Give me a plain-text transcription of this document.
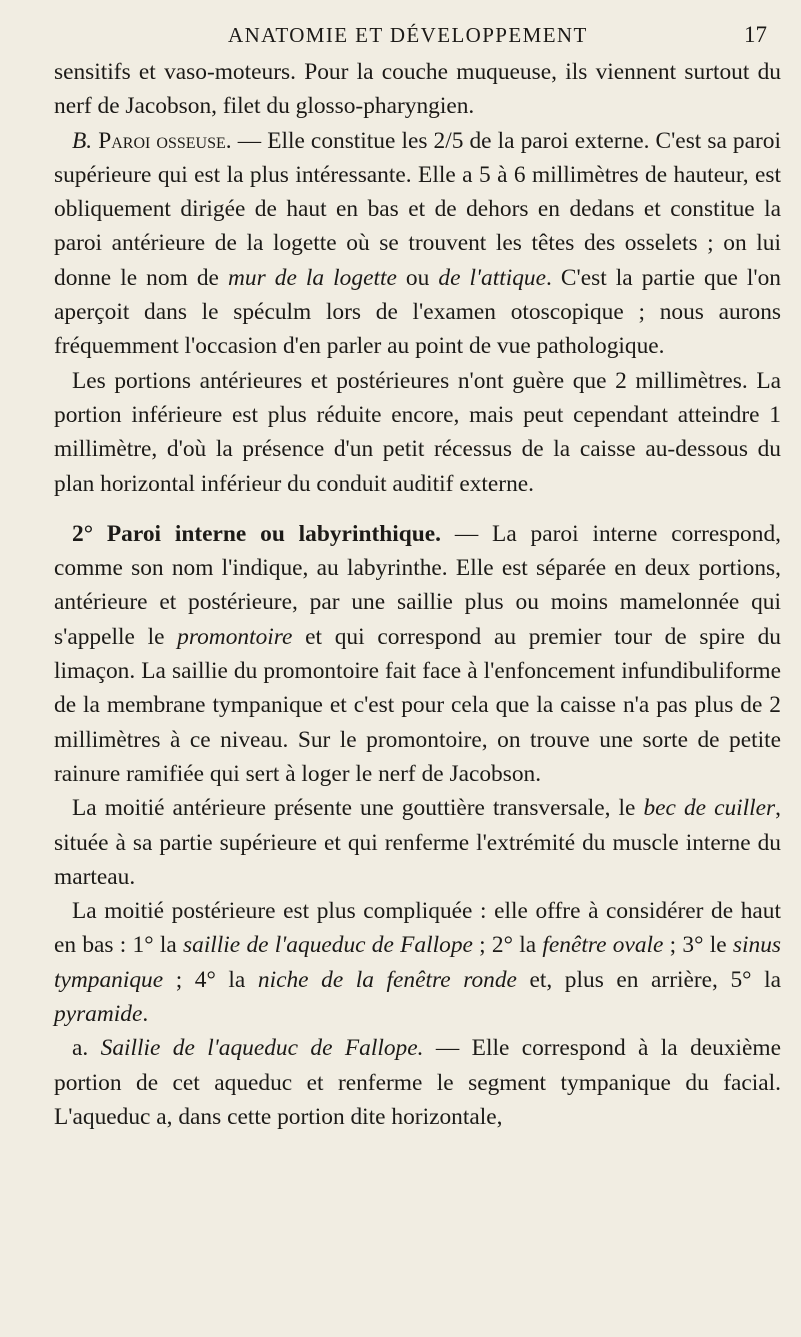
ANATOMIE ET DÉVELOPPEMENT	17

sensitifs et vaso-moteurs. Pour la couche muqueuse, ils viennent surtout du nerf de Jacobson, filet du glosso-pharyngien.

B. Paroi osseuse. — Elle constitue les 2/5 de la paroi externe. C'est sa paroi supérieure qui est la plus intéressante. Elle a 5 à 6 millimètres de hauteur, est obliquement dirigée de haut en bas et de dehors en dedans et constitue la paroi antérieure de la logette où se trouvent les têtes des osselets ; on lui donne le nom de mur de la logette ou de l'attique. C'est la partie que l'on aperçoit dans le spéculm lors de l'examen otoscopique ; nous aurons fréquemment l'occasion d'en parler au point de vue pathologique.

Les portions antérieures et postérieures n'ont guère que 2 millimètres. La portion inférieure est plus réduite encore, mais peut cependant atteindre 1 millimètre, d'où la présence d'un petit récessus de la caisse au-dessous du plan horizontal inférieur du conduit auditif externe.

2° Paroi interne ou labyrinthique. — La paroi interne correspond, comme son nom l'indique, au labyrinthe. Elle est séparée en deux portions, antérieure et postérieure, par une saillie plus ou moins mamelonnée qui s'appelle le promontoire et qui correspond au premier tour de spire du limaçon. La saillie du promontoire fait face à l'enfoncement infundibuliforme de la membrane tympanique et c'est pour cela que la caisse n'a pas plus de 2 millimètres à ce niveau. Sur le promontoire, on trouve une sorte de petite rainure ramifiée qui sert à loger le nerf de Jacobson.

La moitié antérieure présente une gouttière transversale, le bec de cuiller, située à sa partie supérieure et qui renferme l'extrémité du muscle interne du marteau.

La moitié postérieure est plus compliquée : elle offre à considérer de haut en bas : 1° la saillie de l'aqueduc de Fallope ; 2° la fenêtre ovale ; 3° le sinus tympanique ; 4° la niche de la fenêtre ronde et, plus en arrière, 5° la pyramide.

a. Saillie de l'aqueduc de Fallope. — Elle correspond à la deuxième portion de cet aqueduc et renferme le segment tympanique du facial. L'aqueduc a, dans cette portion dite horizontale,
